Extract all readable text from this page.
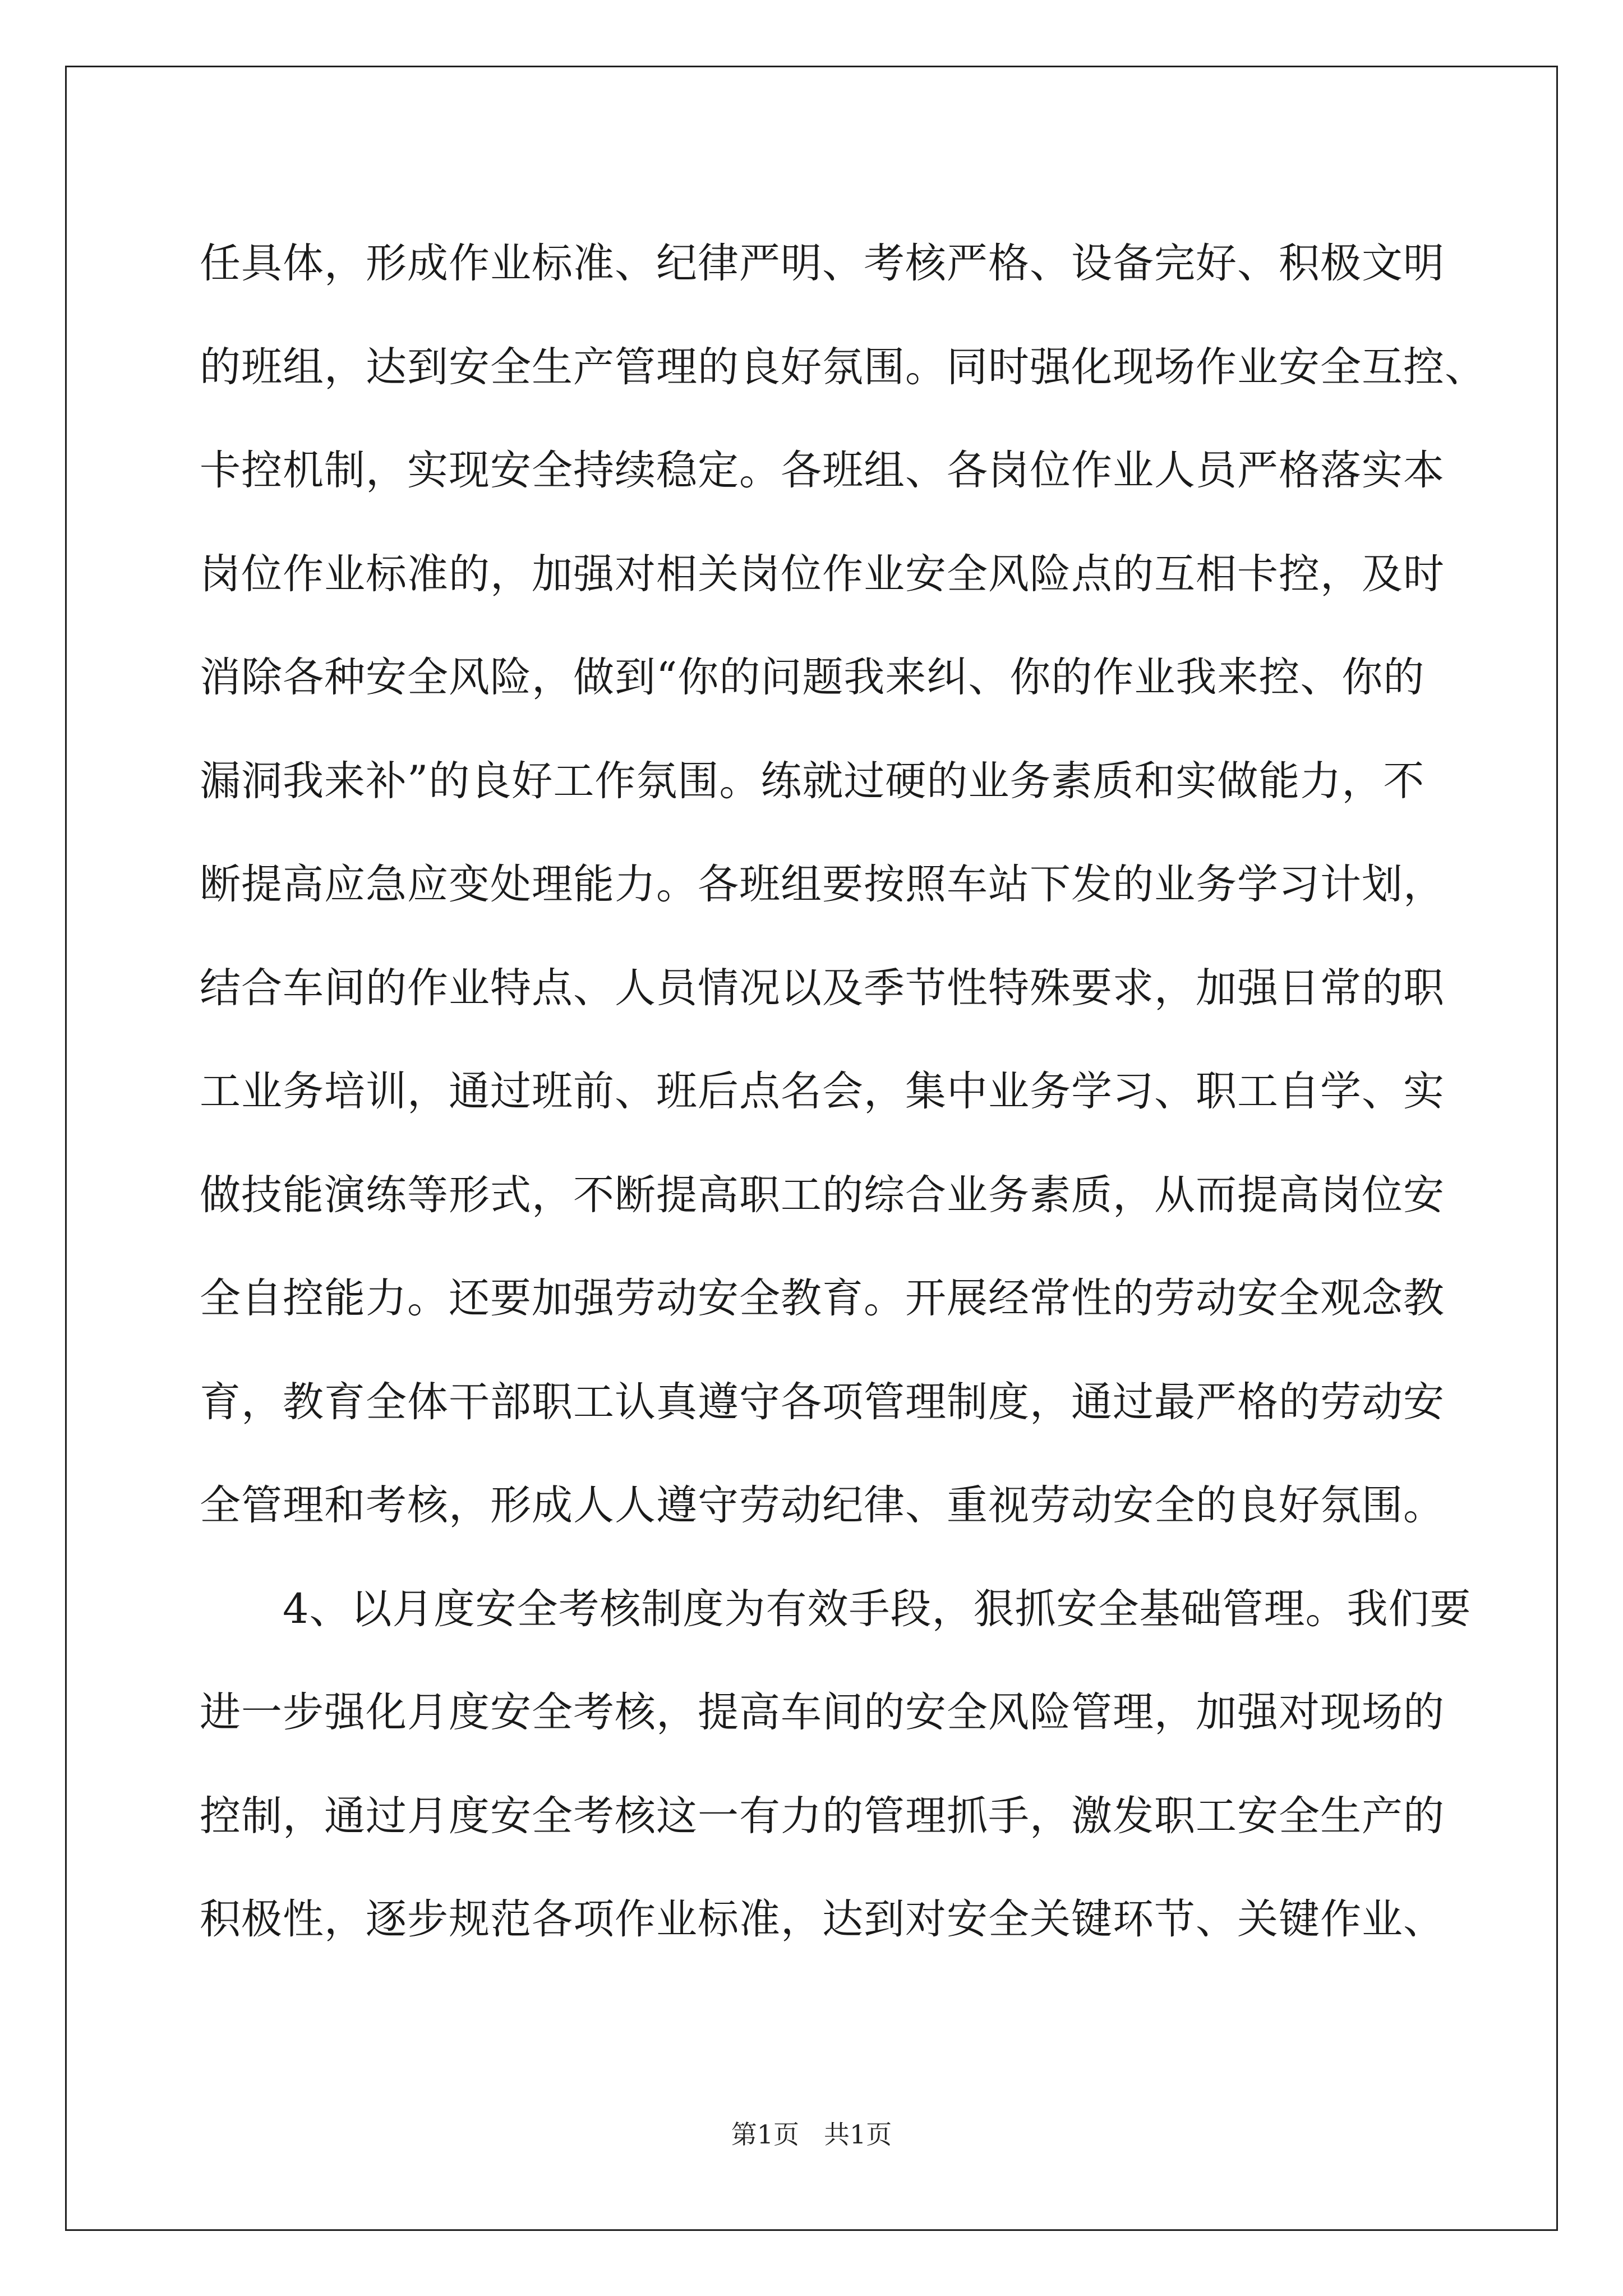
任具体，形成作业标准、纪律严明、考核严格、设备完好、积极文明
的班组，达到安全生产管理的良好氛围。同时强化现场作业安全互控、
卡控机制，实现安全持续稳定。各班组、各岗位作业人员严格落实本
岗位作业标准的，加强对相关岗位作业安全风险点的互相卡控，及时
消除各种安全风险，做到“你的问题我来纠、你的作业我来控、你的
漏洞我来补”的良好工作氛围。练就过硬的业务素质和实做能力，不
断提高应急应变处理能力。各班组要按照车站下发的业务学习计划，
结合车间的作业特点、人员情况以及季节性特殊要求，加强日常的职
工业务培训，通过班前、班后点名会，集中业务学习、职工自学、实
做技能演练等形式，不断提高职工的综合业务素质，从而提高岗位安
全自控能力。还要加强劳动安全教育。开展经常性的劳动安全观念教
育，教育全体干部职工认真遵守各项管理制度，通过最严格的劳动安
全管理和考核，形成人人遵守劳动纪律、重视劳动安全的良好氛围。
　　4、以月度安全考核制度为有效手段，狠抓安全基础管理。我们要
进一步强化月度安全考核，提高车间的安全风险管理，加强对现场的
控制，通过月度安全考核这一有力的管理抓手，激发职工安全生产的
积极性，逐步规范各项作业标准，达到对安全关键环节、关键作业、
第1页 共1页
